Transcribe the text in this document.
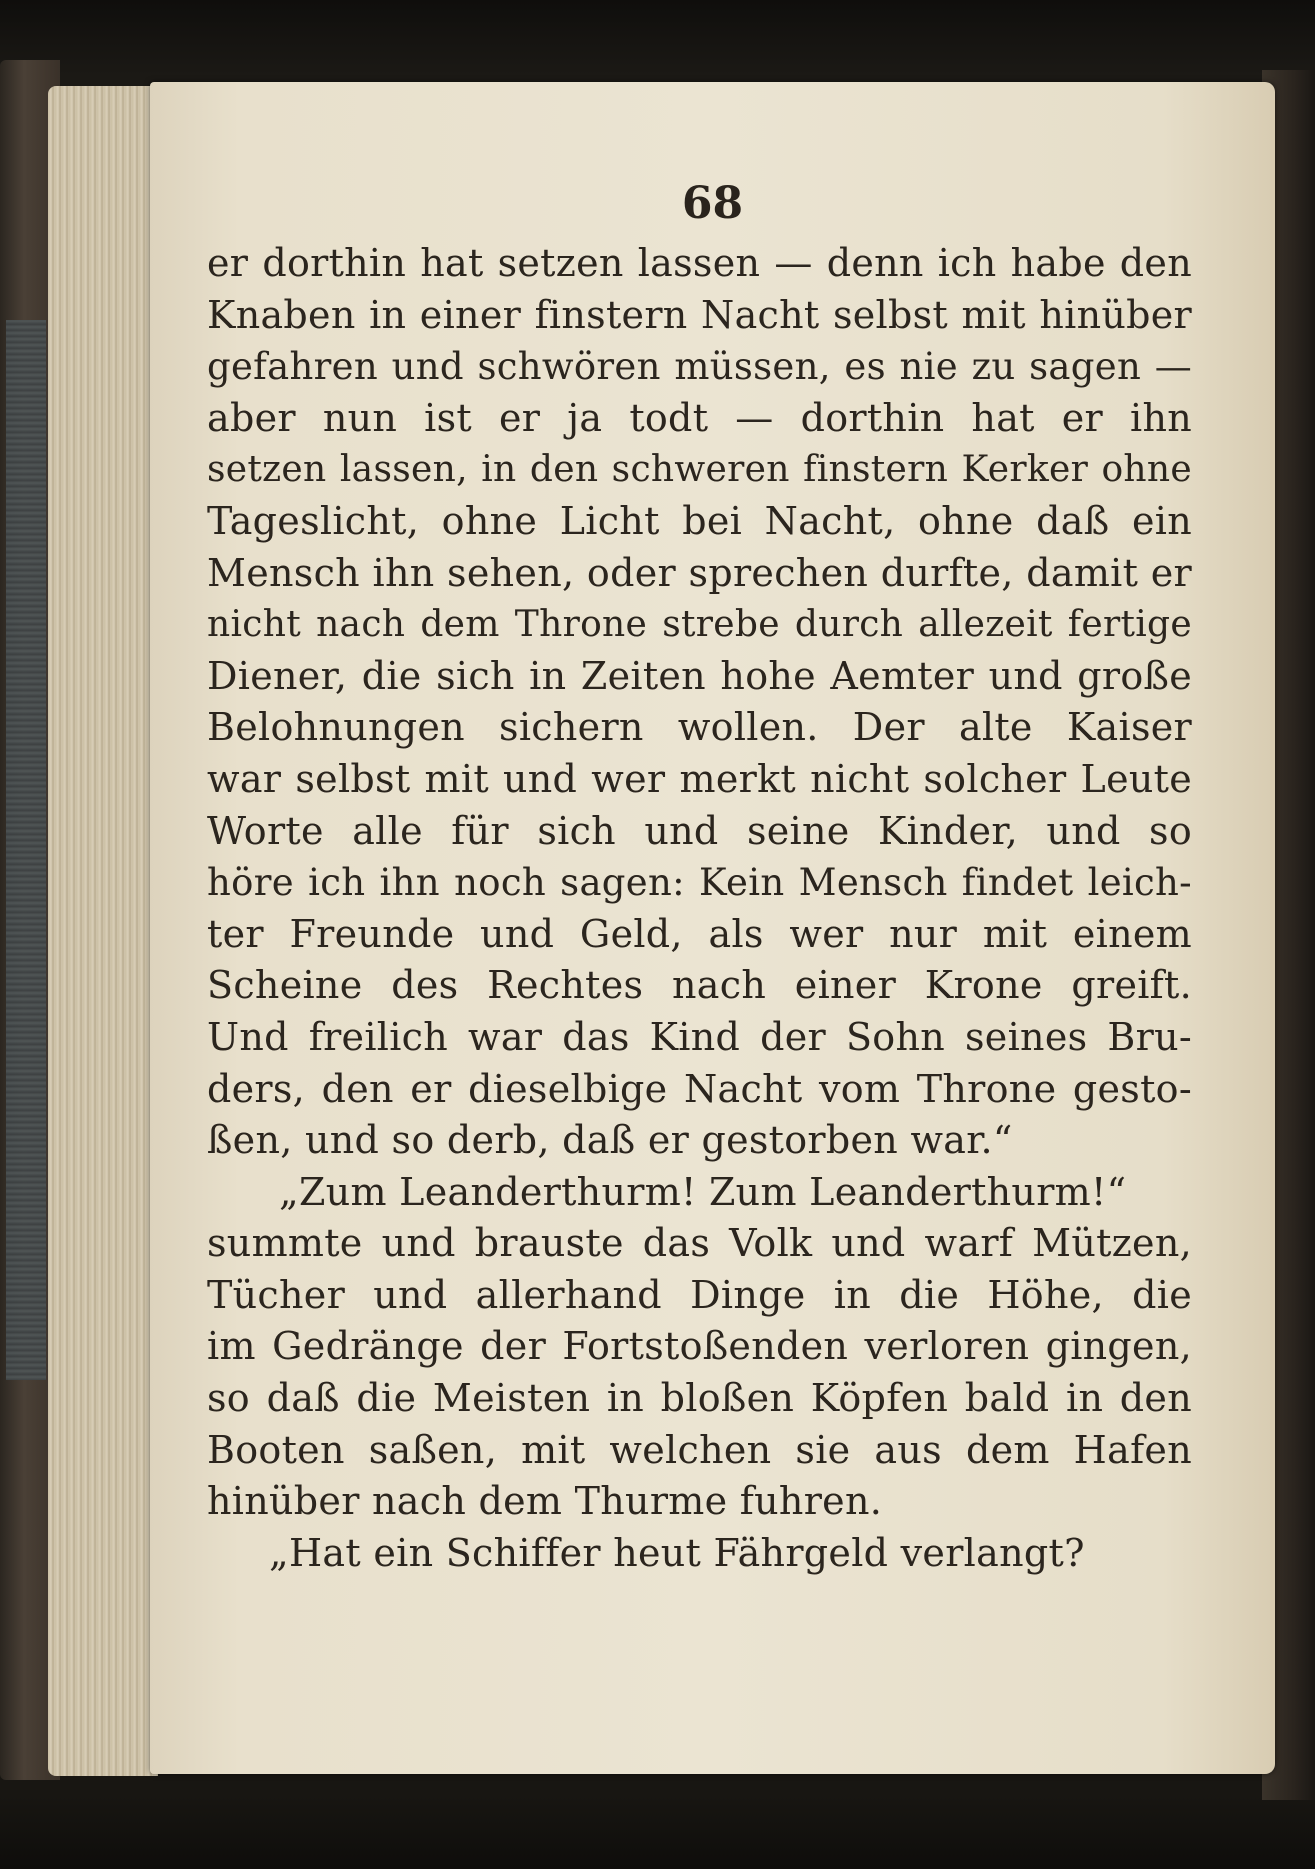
68
er dorthin hat setzen lassen — denn ich habe den
Knaben in einer finstern Nacht selbst mit hinüber
gefahren und schwören müssen, es nie zu sagen —
aber nun ist er ja todt — dorthin hat er ihn
setzen lassen, in den schweren finstern Kerker ohne
Tageslicht, ohne Licht bei Nacht, ohne daß ein
Mensch ihn sehen, oder sprechen durfte, damit er
nicht nach dem Throne strebe durch allezeit fertige
Diener, die sich in Zeiten hohe Aemter und große
Belohnungen sichern wollen. Der alte Kaiser
war selbst mit und wer merkt nicht solcher Leute
Worte alle für sich und seine Kinder, und so
höre ich ihn noch sagen: Kein Mensch findet leich-
ter Freunde und Geld, als wer nur mit einem
Scheine des Rechtes nach einer Krone greift.
Und freilich war das Kind der Sohn seines Bru-
ders, den er dieselbige Nacht vom Throne gesto-
ßen, und so derb, daß er gestorben war.“
„Zum Leanderthurm! Zum Leanderthurm!“
summte und brauste das Volk und warf Mützen,
Tücher und allerhand Dinge in die Höhe, die
im Gedränge der Fortstoßenden verloren gingen,
so daß die Meisten in bloßen Köpfen bald in den
Booten saßen, mit welchen sie aus dem Hafen
hinüber nach dem Thurme fuhren.
„Hat ein Schiffer heut Fährgeld verlangt?
